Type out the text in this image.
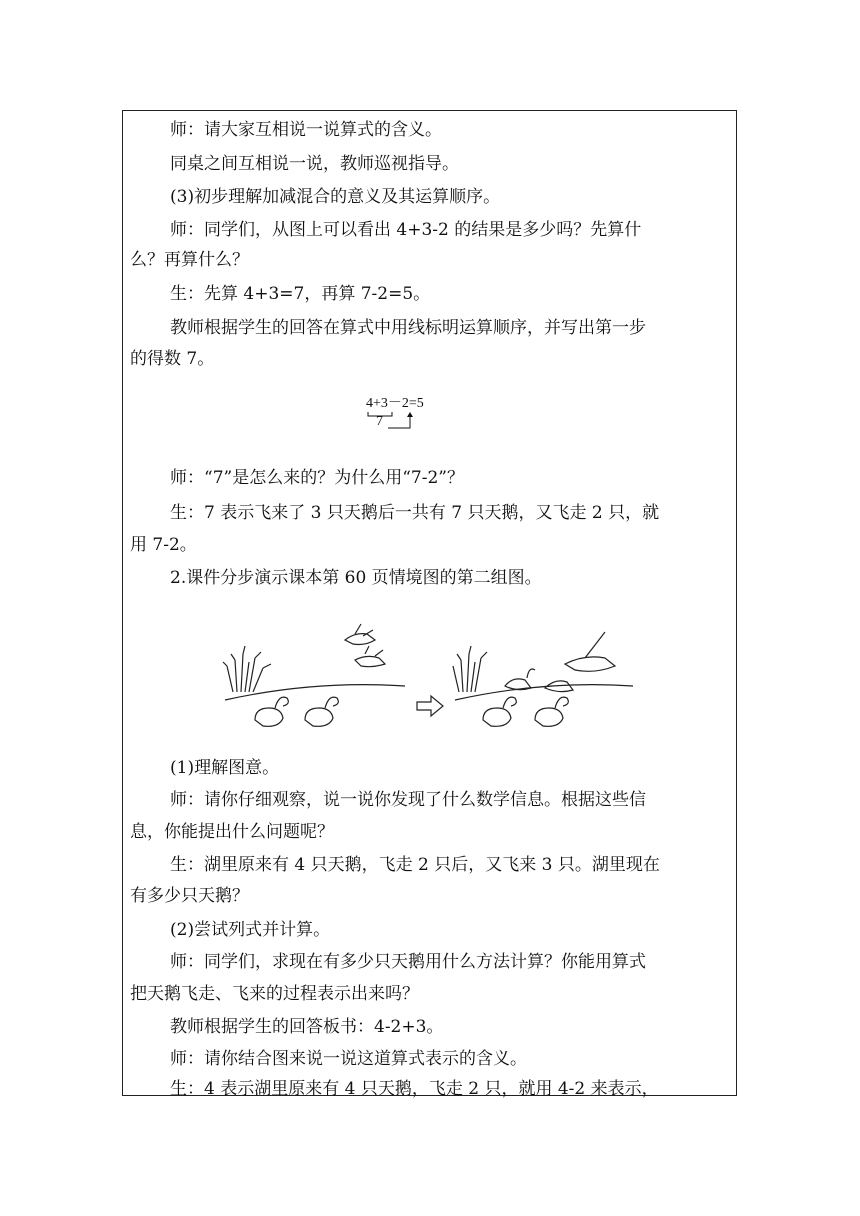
师：请大家互相说一说算式的含义。
同桌之间互相说一说，教师巡视指导。
(3)初步理解加减混合的意义及其运算顺序。
师：同学们，从图上可以看出 4+3-2 的结果是多少吗？先算什
么？再算什么？
生：先算 4+3=7，再算 7-2=5。
教师根据学生的回答在算式中用线标明运算顺序，并写出第一步
的得数 7。
4+3－2=5
7
师：“7”是怎么来的？为什么用“7-2”？
生：7 表示飞来了 3 只天鹅后一共有 7 只天鹅，又飞走 2 只，就
用 7-2。
2.课件分步演示课本第 60 页情境图的第二组图。
(1)理解图意。
师：请你仔细观察，说一说你发现了什么数学信息。根据这些信
息，你能提出什么问题呢？
生：湖里原来有 4 只天鹅，飞走 2 只后，又飞来 3 只。湖里现在
有多少只天鹅？
(2)尝试列式并计算。
师：同学们，求现在有多少只天鹅用什么方法计算？你能用算式
把天鹅飞走、飞来的过程表示出来吗？
教师根据学生的回答板书：4-2+3。
师：请你结合图来说一说这道算式表示的含义。
生：4 表示湖里原来有 4 只天鹅，飞走 2 只，就用 4-2 来表示，
